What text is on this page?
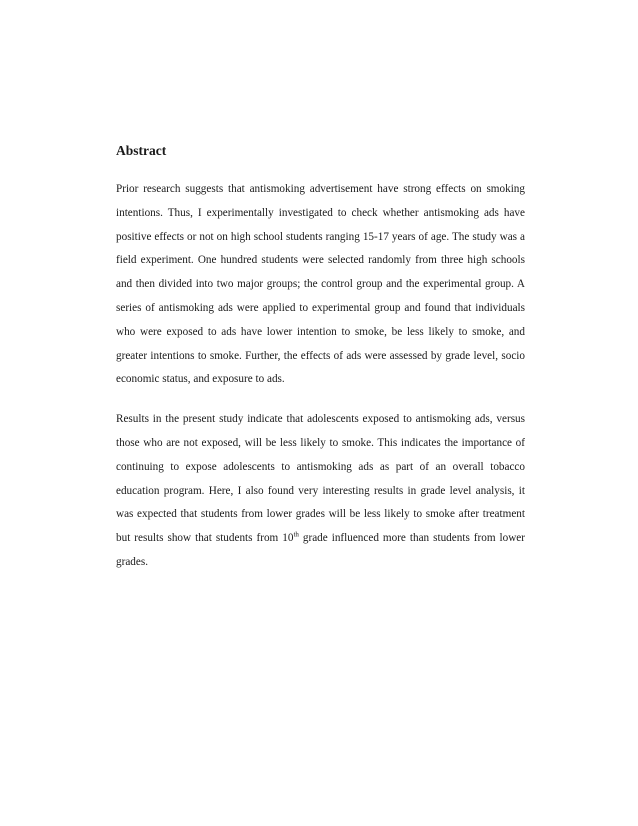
Abstract

Prior research suggests that antismoking advertisement have strong effects on smoking intentions. Thus, I experimentally investigated to check whether antismoking ads have positive effects or not on high school students ranging 15-17 years of age. The study was a field experiment. One hundred students were selected randomly from three high schools and then divided into two major groups; the control group and the experimental group. A series of antismoking ads were applied to experimental group and found that individuals who were exposed to ads have lower intention to smoke, be less likely to smoke, and greater intentions to smoke. Further, the effects of ads were assessed by grade level, socio economic status, and exposure to ads.

Results in the present study indicate that adolescents exposed to antismoking ads, versus those who are not exposed, will be less likely to smoke. This indicates the importance of continuing to expose adolescents to antismoking ads as part of an overall tobacco education program. Here, I also found very interesting results in grade level analysis, it was expected that students from lower grades will be less likely to smoke after treatment but results show that students from 10th grade influenced more than students from lower grades.
